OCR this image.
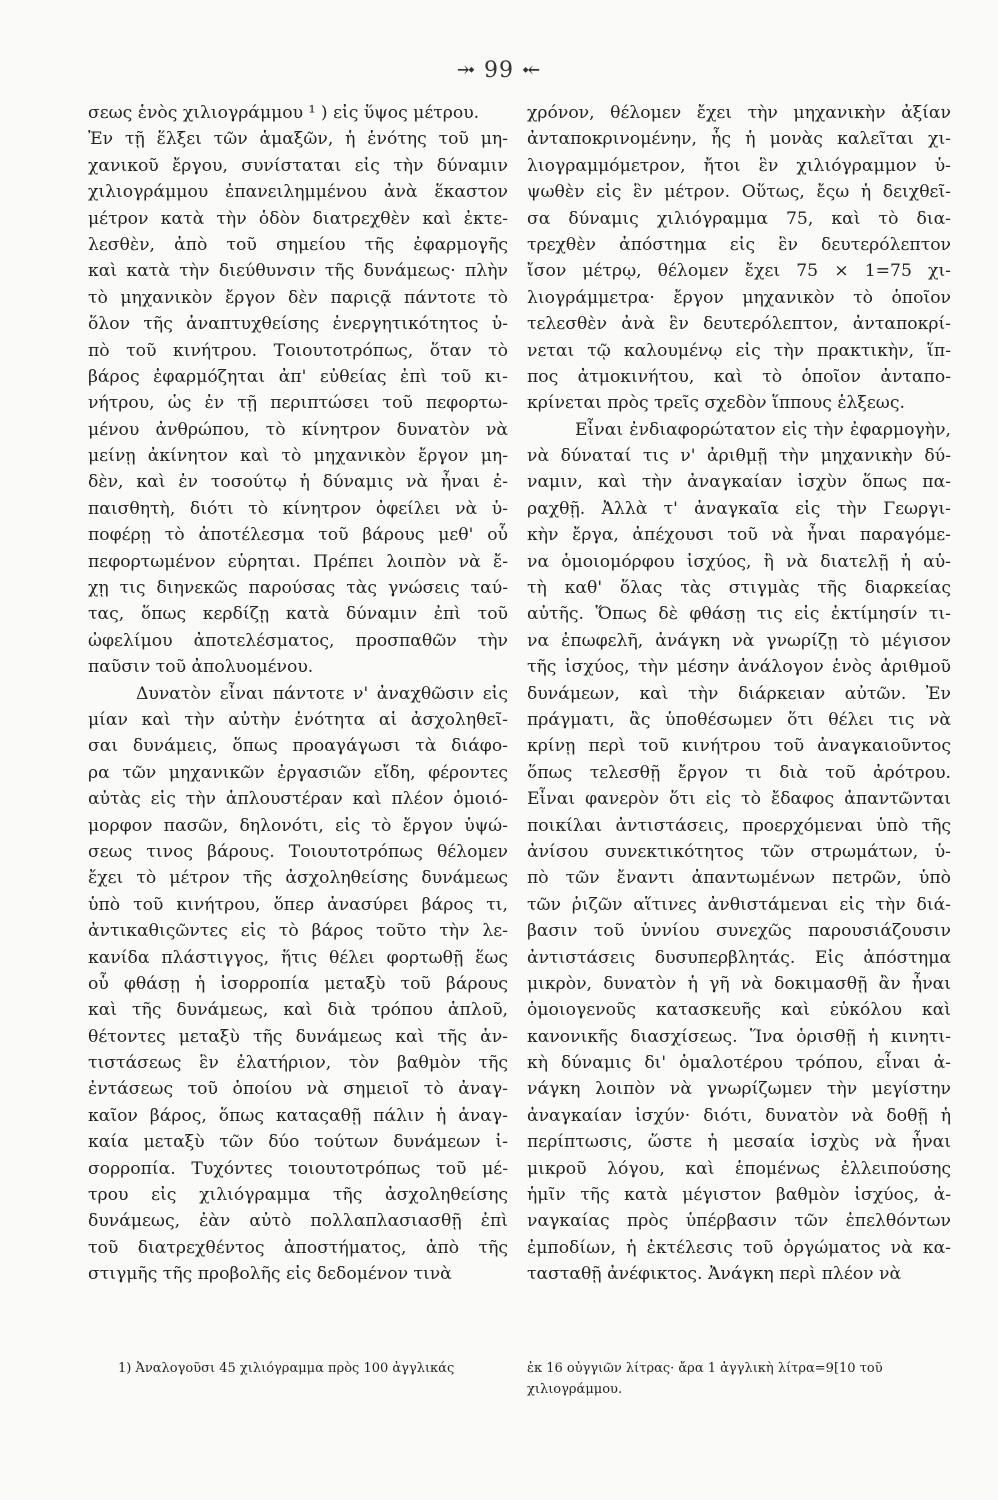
⤞ 99 ⤝
σεως ἑνὸς χιλιογράμμου ¹ ) εἰς ὕψος μέτρου.
Ἐν τῇ ἕλξει τῶν ἁμαξῶν, ἡ ἑνότης τοῦ μη-
χανικοῦ ἔργου, συνίσταται εἰς τὴν δύναμιν
χιλιογράμμου ἐπανειλημμένου ἀνὰ ἕκαστον
μέτρον κατὰ τὴν ὁδὸν διατρεχθὲν καὶ ἐκτε-
λεσθὲν, ἀπὸ τοῦ σημείου τῆς ἐφαρμογῆς
καὶ κατὰ τὴν διεύθυνσιν τῆς δυνάμεως· πλὴν
τὸ μηχανικὸν ἔργον δὲν παριςᾷ πάντοτε τὸ
ὅλον τῆς ἀναπτυχθείσης ἐνεργητικότητος ὑ-
πὸ τοῦ κινήτρου. Τοιουτοτρόπως, ὅταν τὸ
βάρος ἐφαρμόζηται ἀπ' εὐθείας ἐπὶ τοῦ κι-
νήτρου, ὡς ἐν τῇ περιπτώσει τοῦ πεφορτω-
μένου ἀνθρώπου, τὸ κίνητρον δυνατὸν νὰ
μείνῃ ἀκίνητον καὶ τὸ μηχανικὸν ἔργον μη-
δὲν, καὶ ἐν τοσούτῳ ἡ δύναμις νὰ ἦναι ἐ-
παισθητὴ, διότι τὸ κίνητρον ὀφείλει νὰ ὑ-
ποφέρῃ τὸ ἀποτέλεσμα τοῦ βάρους μεθ' οὗ
πεφορτωμένον εὑρηται. Πρέπει λοιπὸν νὰ ἔ-
χῃ τις διηνεκῶς παρούσας τὰς γνώσεις ταύ-
τας, ὅπως κερδίζῃ κατὰ δύναμιν ἐπὶ τοῦ
ὠφελίμου ἀποτελέσματος, προσπαθῶν τὴν
παῦσιν τοῦ ἀπολυομένου.
Δυνατὸν εἶναι πάντοτε ν' ἀναχθῶσιν εἰς
μίαν καὶ τὴν αὐτὴν ἑνότητα αἱ ἀσχοληθεῖ-
σαι δυνάμεις, ὅπως προαγάγωσι τὰ διάφο-
ρα τῶν μηχανικῶν ἐργασιῶν εἴδη, φέροντες
αὐτὰς εἰς τὴν ἁπλουστέραν καὶ πλέον ὁμοιό-
μορφον πασῶν, δηλονότι, εἰς τὸ ἔργον ὑψώ-
σεως τινος βάρους. Τοιουτοτρόπως θέλομεν
ἔχει τὸ μέτρον τῆς ἀσχοληθείσης δυνάμεως
ὑπὸ τοῦ κινήτρου, ὅπερ ἀνασύρει βάρος τι,
ἀντικαθιςῶντες εἰς τὸ βάρος τοῦτο τὴν λε-
κανίδα πλάστιγγος, ἥτις θέλει φορτωθῇ ἕως
οὗ φθάσῃ ἡ ἰσορροπία μεταξὺ τοῦ βάρους
καὶ τῆς δυνάμεως, καὶ διὰ τρόπου ἁπλοῦ,
θέτοντες μεταξὺ τῆς δυνάμεως καὶ τῆς ἀν-
τιστάσεως ἓν ἐλατήριον, τὸν βαθμὸν τῆς
ἐντάσεως τοῦ ὁποίου νὰ σημειοῖ τὸ ἀναγ-
καῖον βάρος, ὅπως καταςαθῇ πάλιν ἡ ἀναγ-
καία μεταξὺ τῶν δύο τούτων δυνάμεων ἰ-
σορροπία. Τυχόντες τοιουτοτρόπως τοῦ μέ-
τρου εἰς χιλιόγραμμα τῆς ἀσχοληθείσης
δυνάμεως, ἐὰν αὐτὸ πολλαπλασιασθῇ ἐπὶ
τοῦ διατρεχθέντος ἀποστήματος, ἀπὸ τῆς
στιγμῆς τῆς προβολῆς εἰς δεδομένον τινὰ
χρόνον, θέλομεν ἔχει τὴν μηχανικὴν ἀξίαν
ἀνταποκρινομένην, ἧς ἡ μονὰς καλεῖται χι-
λιογραμμόμετρον, ἤτοι ἓν χιλιόγραμμον ὑ-
ψωθὲν εἰς ἓν μέτρον. Οὕτως, ἔςω ἡ δειχθεῖ-
σα δύναμις χιλιόγραμμα 75, καὶ τὸ δια-
τρεχθὲν ἀπόστημα εἰς ἓν δευτερόλεπτον
ἴσον μέτρῳ, θέλομεν ἔχει 75 × 1=75 χι-
λιογράμμετρα· ἔργον μηχανικὸν τὸ ὁποῖον
τελεσθὲν ἀνὰ ἓν δευτερόλεπτον, ἀνταποκρί-
νεται τῷ καλουμένῳ εἰς τὴν πρακτικὴν, ἵπ-
πος ἀτμοκινήτου, καὶ τὸ ὁποῖον ἀνταπο-
κρίνεται πρὸς τρεῖς σχεδὸν ἵππους ἑλξεως.
Εἶναι ἐνδιαφορώτατον εἰς τὴν ἐφαρμογὴν,
νὰ δύναταί τις ν' ἀριθμῇ τὴν μηχανικὴν δύ-
ναμιν, καὶ τὴν ἀναγκαίαν ἰσχὺν ὅπως πα-
ραχθῇ. Ἀλλὰ τ' ἀναγκαῖα εἰς τὴν Γεωργι-
κὴν ἔργα, ἀπέχουσι τοῦ νὰ ἦναι παραγόμε-
να ὁμοιομόρφου ἰσχύος, ἢ νὰ διατελῇ ἡ αὐ-
τὴ καθ' ὅλας τὰς στιγμὰς τῆς διαρκείας
αὐτῆς. Ὅπως δὲ φθάσῃ τις εἰς ἐκτίμησίν τι-
να ἐπωφελῆ, ἀνάγκη νὰ γνωρίζῃ τὸ μέγισον
τῆς ἰσχύος, τὴν μέσην ἀνάλογον ἑνὸς ἀριθμοῦ
δυνάμεων, καὶ τὴν διάρκειαν αὐτῶν. Ἐν
πράγματι, ἂς ὑποθέσωμεν ὅτι θέλει τις νὰ
κρίνῃ περὶ τοῦ κινήτρου τοῦ ἀναγκαιοῦντος
ὅπως τελεσθῇ ἔργον τι διὰ τοῦ ἀρότρου.
Εἶναι φανερὸν ὅτι εἰς τὸ ἔδαφος ἀπαντῶνται
ποικίλαι ἀντιστάσεις, προερχόμεναι ὑπὸ τῆς
ἀνίσου συνεκτικότητος τῶν στρωμάτων, ὑ-
πὸ τῶν ἔναντι ἀπαντωμένων πετρῶν, ὑπὸ
τῶν ῥιζῶν αἵτινες ἀνθιστάμεναι εἰς τὴν διά-
βασιν τοῦ ὑννίου συνεχῶς παρουσιάζουσιν
ἀντιστάσεις δυσυπερβλητάς. Εἰς ἀπόστημα
μικρὸν, δυνατὸν ἡ γῆ νὰ δοκιμασθῇ ἂν ἦναι
ὁμοιογενοῦς κατασκευῆς καὶ εὐκόλου καὶ
κανονικῆς διασχίσεως. Ἵνα ὁρισθῇ ἡ κινητι-
κὴ δύναμις δι' ὁμαλοτέρου τρόπου, εἶναι ἀ-
νάγκη λοιπὸν νὰ γνωρίζωμεν τὴν μεγίστην
ἀναγκαίαν ἰσχύν· διότι, δυνατὸν νὰ δοθῇ ἡ
περίπτωσις, ὥστε ἡ μεσαία ἰσχὺς νὰ ἦναι
μικροῦ λόγου, καὶ ἑπομένως ἐλλειπούσης
ἡμῖν τῆς κατὰ μέγιστον βαθμὸν ἰσχύος, ἀ-
ναγκαίας πρὸς ὑπέρβασιν τῶν ἐπελθόντων
ἐμποδίων, ἡ ἐκτέλεσις τοῦ ὀργώματος νὰ κα-
τασταθῇ ἀνέφικτος. Ἀνάγκη περὶ πλέον νὰ
1) Ἀναλογοῦσι 45 χιλιόγραμμα πρὸς 100 ἀγγλικάς	ἐκ 16 οὐγγιῶν λίτρας· ἄρα 1 ἀγγλικὴ λίτρα=9[10 τοῦ
χιλιογράμμου.
